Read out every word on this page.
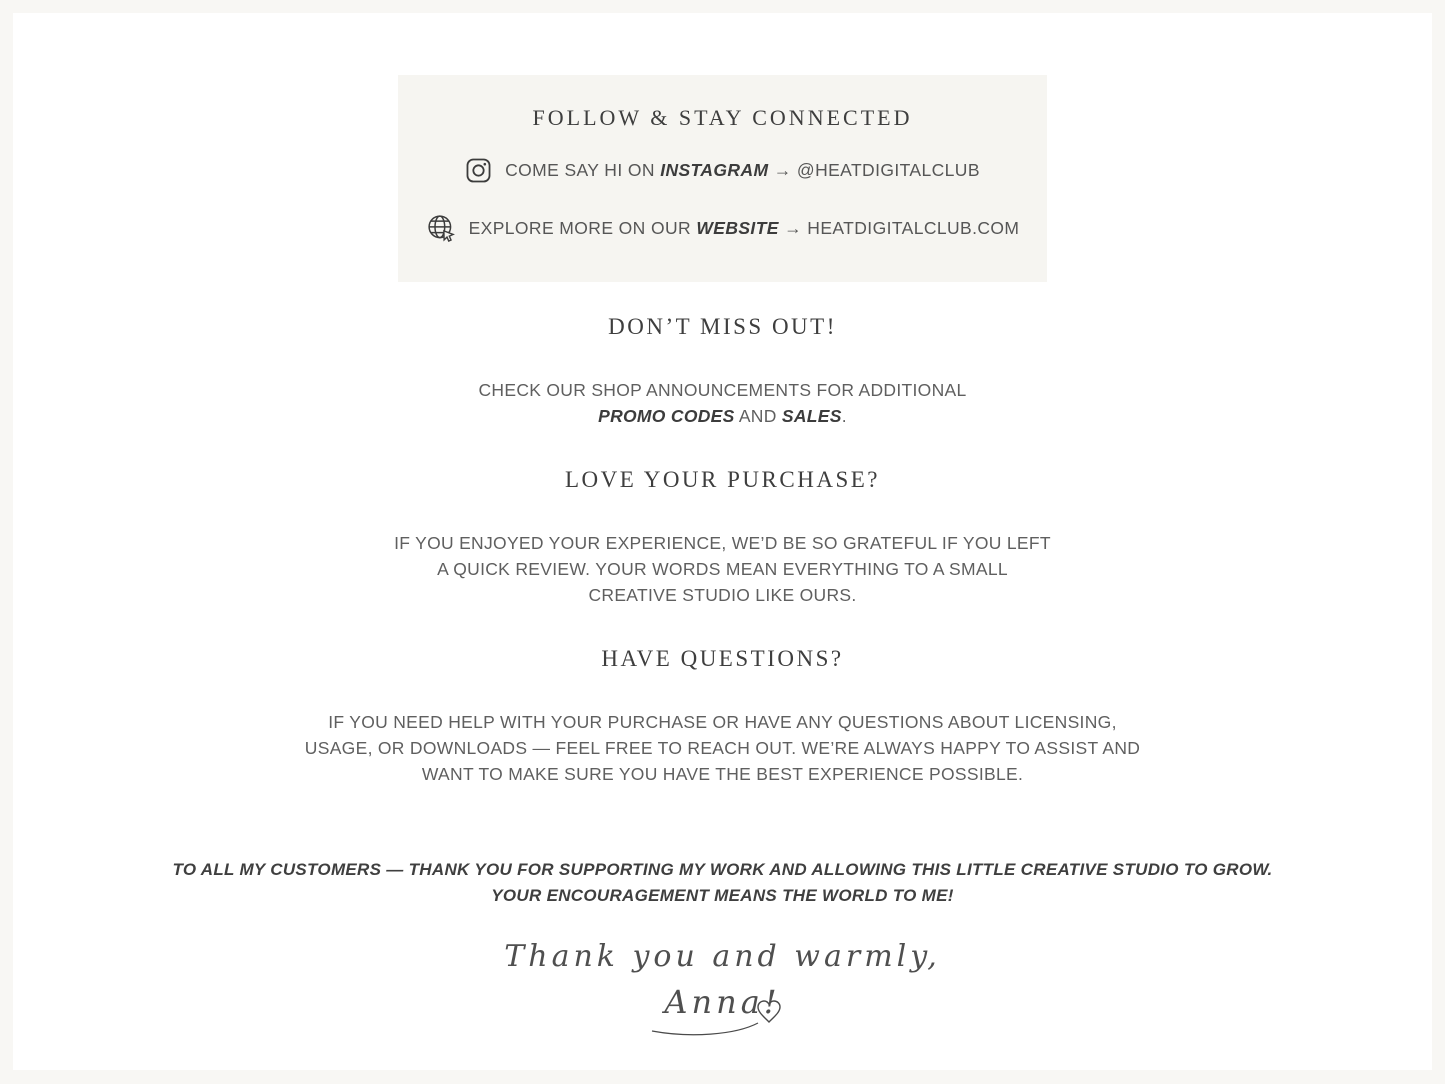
FOLLOW & STAY CONNECTED
COME SAY HI ON INSTAGRAM → @HEATDIGITALCLUB
EXPLORE MORE ON OUR WEBSITE → HEATDIGITALCLUB.COM
DON’T MISS OUT!
CHECK OUR SHOP ANNOUNCEMENTS FOR ADDITIONAL
PROMO CODES AND SALES.
LOVE YOUR PURCHASE?
IF YOU ENJOYED YOUR EXPERIENCE, WE’D BE SO GRATEFUL IF YOU LEFT
A QUICK REVIEW. YOUR WORDS MEAN EVERYTHING TO A SMALL
CREATIVE STUDIO LIKE OURS.
HAVE QUESTIONS?
IF YOU NEED HELP WITH YOUR PURCHASE OR HAVE ANY QUESTIONS ABOUT LICENSING,
USAGE, OR DOWNLOADS — FEEL FREE TO REACH OUT. WE’RE ALWAYS HAPPY TO ASSIST AND
WANT TO MAKE SURE YOU HAVE THE BEST EXPERIENCE POSSIBLE.
TO ALL MY CUSTOMERS — THANK YOU FOR SUPPORTING MY WORK AND ALLOWING THIS LITTLE CREATIVE STUDIO TO GROW.
YOUR ENCOURAGEMENT MEANS THE WORLD TO ME!
Thank you and warmly,
Anna!
